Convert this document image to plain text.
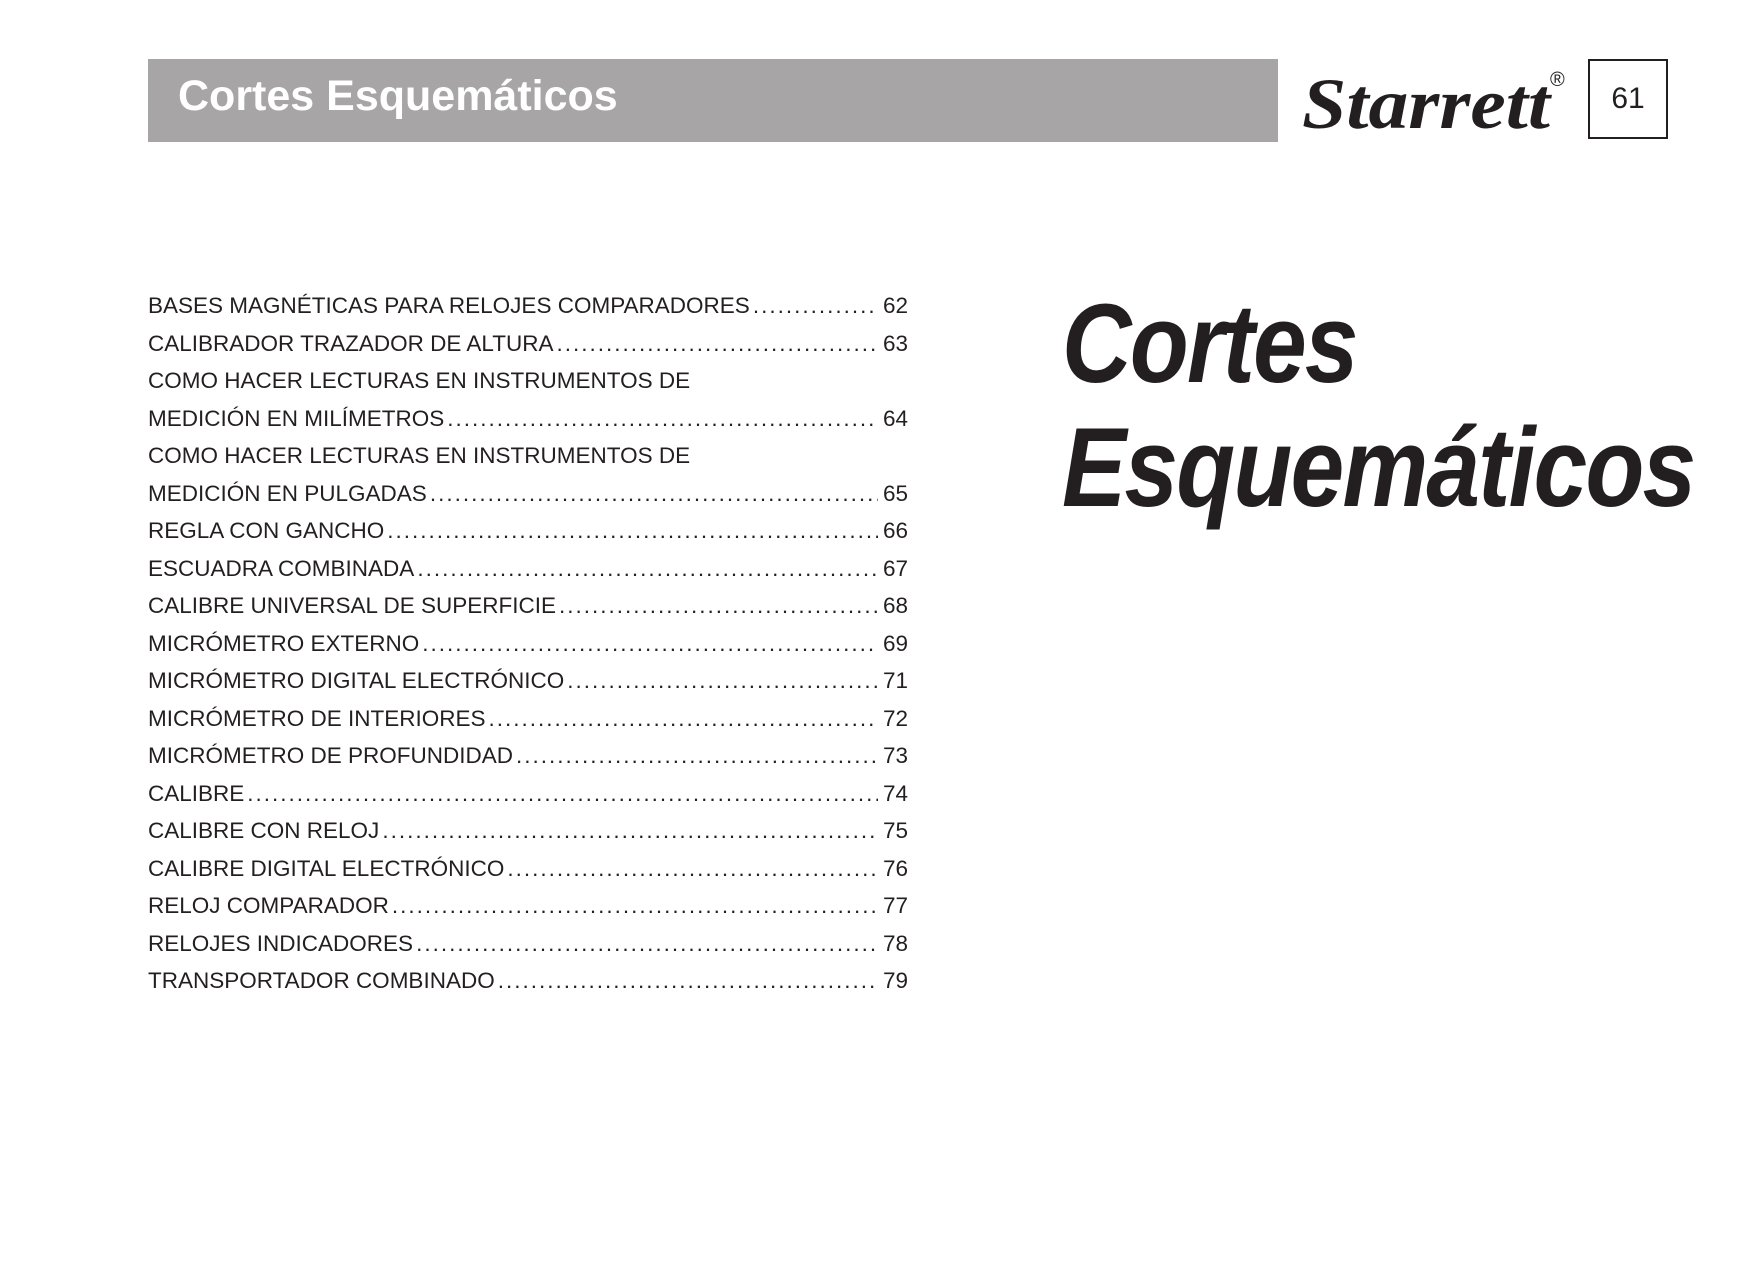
Cortes Esquemáticos	Starrett
®
61
BASES MAGNÉTICAS PARA RELOJES COMPARADORES .....	62
CALIBRADOR TRAZADOR DE ALTURA .....	63
COMO HACER LECTURAS EN INSTRUMENTOS DE
MEDICIÓN EN MILÍMETROS .....	64
COMO HACER LECTURAS EN INSTRUMENTOS DE
MEDICIÓN EN PULGADAS .....	65
REGLA CON GANCHO .....	66
ESCUADRA COMBINADA .....	67
CALIBRE UNIVERSAL DE SUPERFICIE .....	68
MICRÓMETRO EXTERNO .....	69
MICRÓMETRO DIGITAL ELECTRÓNICO .....	71
MICRÓMETRO DE INTERIORES .....	72
MICRÓMETRO DE PROFUNDIDAD .....	73
CALIBRE .....	74
CALIBRE CON RELOJ .....	75
CALIBRE DIGITAL ELECTRÓNICO .....	76
RELOJ COMPARADOR .....	77
RELOJES INDICADORES .....	78
TRANSPORTADOR COMBINADO .....	79
Cortes
Esquemáticos
